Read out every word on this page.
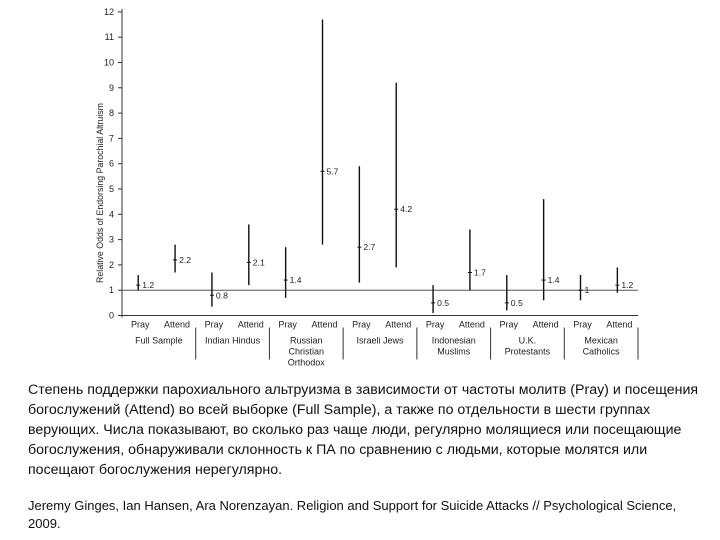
Relative Odds of Endorsing Parochial Altruism
0
1
2
3
4
5
6
7
8
9
10
11
12
1.2
2.2
0.8
2.1
1.4
5.7
2.7
4.2
0.5
1.7
0.5
1.4
1
1.2
Pray Attend
Full Sample
Pray Attend
Indian Hindus
Pray Attend
Russian Christian Orthodox
Pray Attend
Israeli Jews
Pray Attend
Indonesian Muslims
Pray Attend
U.K. Protestants
Pray Attend
Mexican Catholics

Степень поддержки парохиального альтруизма в зависимости от частоты молитв (Pray) и посещения богослужений (Attend) во всей выборке (Full Sample), а также по отдельности в шести группах верующих. Числа показывают, во сколько раз чаще люди, регулярно молящиеся или посещающие богослужения, обнаруживали склонность к ПА по сравнению с людьми, которые молятся или посещают богослужения нерегулярно.

Jeremy Ginges, Ian Hansen, Ara Norenzayan. Religion and Support for Suicide Attacks // Psychological Science, 2009.
